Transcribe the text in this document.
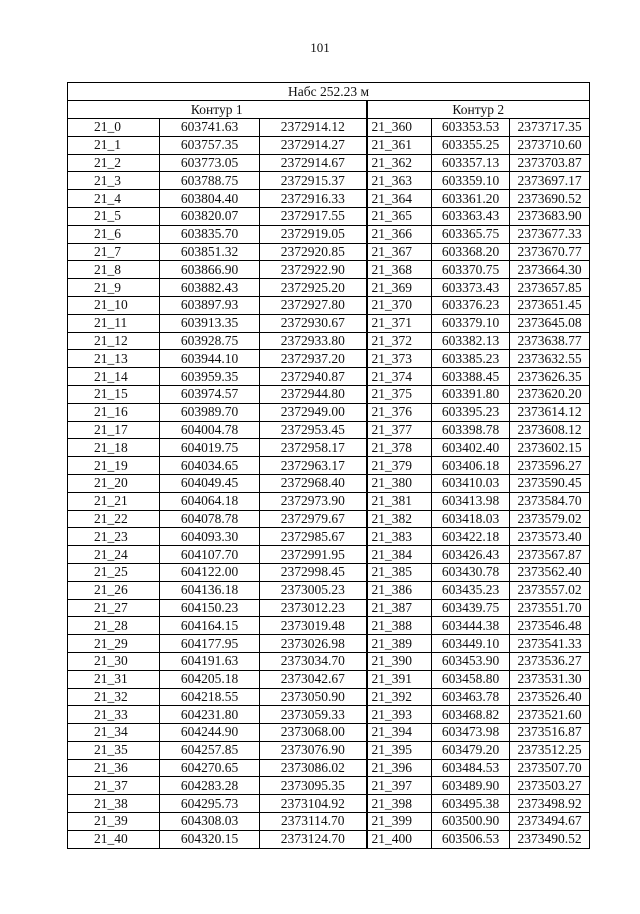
101
Набс 252.23 м					
Контур 1			Контур 2		
21_0	603741.63	2372914.12	21_360	603353.53	2373717.35
21_1	603757.35	2372914.27	21_361	603355.25	2373710.60
21_2	603773.05	2372914.67	21_362	603357.13	2373703.87
21_3	603788.75	2372915.37	21_363	603359.10	2373697.17
21_4	603804.40	2372916.33	21_364	603361.20	2373690.52
21_5	603820.07	2372917.55	21_365	603363.43	2373683.90
21_6	603835.70	2372919.05	21_366	603365.75	2373677.33
21_7	603851.32	2372920.85	21_367	603368.20	2373670.77
21_8	603866.90	2372922.90	21_368	603370.75	2373664.30
21_9	603882.43	2372925.20	21_369	603373.43	2373657.85
21_10	603897.93	2372927.80	21_370	603376.23	2373651.45
21_11	603913.35	2372930.67	21_371	603379.10	2373645.08
21_12	603928.75	2372933.80	21_372	603382.13	2373638.77
21_13	603944.10	2372937.20	21_373	603385.23	2373632.55
21_14	603959.35	2372940.87	21_374	603388.45	2373626.35
21_15	603974.57	2372944.80	21_375	603391.80	2373620.20
21_16	603989.70	2372949.00	21_376	603395.23	2373614.12
21_17	604004.78	2372953.45	21_377	603398.78	2373608.12
21_18	604019.75	2372958.17	21_378	603402.40	2373602.15
21_19	604034.65	2372963.17	21_379	603406.18	2373596.27
21_20	604049.45	2372968.40	21_380	603410.03	2373590.45
21_21	604064.18	2372973.90	21_381	603413.98	2373584.70
21_22	604078.78	2372979.67	21_382	603418.03	2373579.02
21_23	604093.30	2372985.67	21_383	603422.18	2373573.40
21_24	604107.70	2372991.95	21_384	603426.43	2373567.87
21_25	604122.00	2372998.45	21_385	603430.78	2373562.40
21_26	604136.18	2373005.23	21_386	603435.23	2373557.02
21_27	604150.23	2373012.23	21_387	603439.75	2373551.70
21_28	604164.15	2373019.48	21_388	603444.38	2373546.48
21_29	604177.95	2373026.98	21_389	603449.10	2373541.33
21_30	604191.63	2373034.70	21_390	603453.90	2373536.27
21_31	604205.18	2373042.67	21_391	603458.80	2373531.30
21_32	604218.55	2373050.90	21_392	603463.78	2373526.40
21_33	604231.80	2373059.33	21_393	603468.82	2373521.60
21_34	604244.90	2373068.00	21_394	603473.98	2373516.87
21_35	604257.85	2373076.90	21_395	603479.20	2373512.25
21_36	604270.65	2373086.02	21_396	603484.53	2373507.70
21_37	604283.28	2373095.35	21_397	603489.90	2373503.27
21_38	604295.73	2373104.92	21_398	603495.38	2373498.92
21_39	604308.03	2373114.70	21_399	603500.90	2373494.67
21_40	604320.15	2373124.70	21_400	603506.53	2373490.52
